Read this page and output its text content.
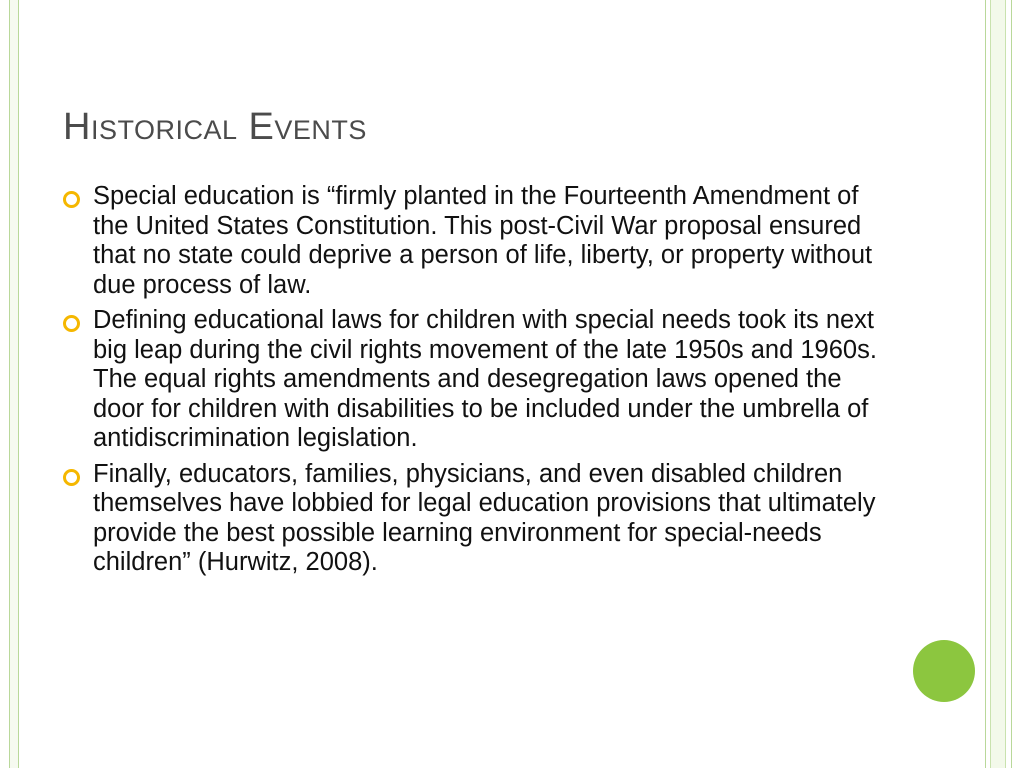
Historical Events
Special education is “firmly planted in the Fourteenth Amendment of the United States Constitution. This post-Civil War proposal ensured that no state could deprive a person of life, liberty, or property without due process of law.
Defining educational laws for children with special needs took its next big leap during the civil rights movement of the late 1950s and 1960s. The equal rights amendments and desegregation laws opened the door for children with disabilities to be included under the umbrella of antidiscrimination legislation.
Finally, educators, families, physicians, and even disabled children themselves have lobbied for legal education provisions that ultimately provide the best possible learning environment for special-needs children” (Hurwitz, 2008).
